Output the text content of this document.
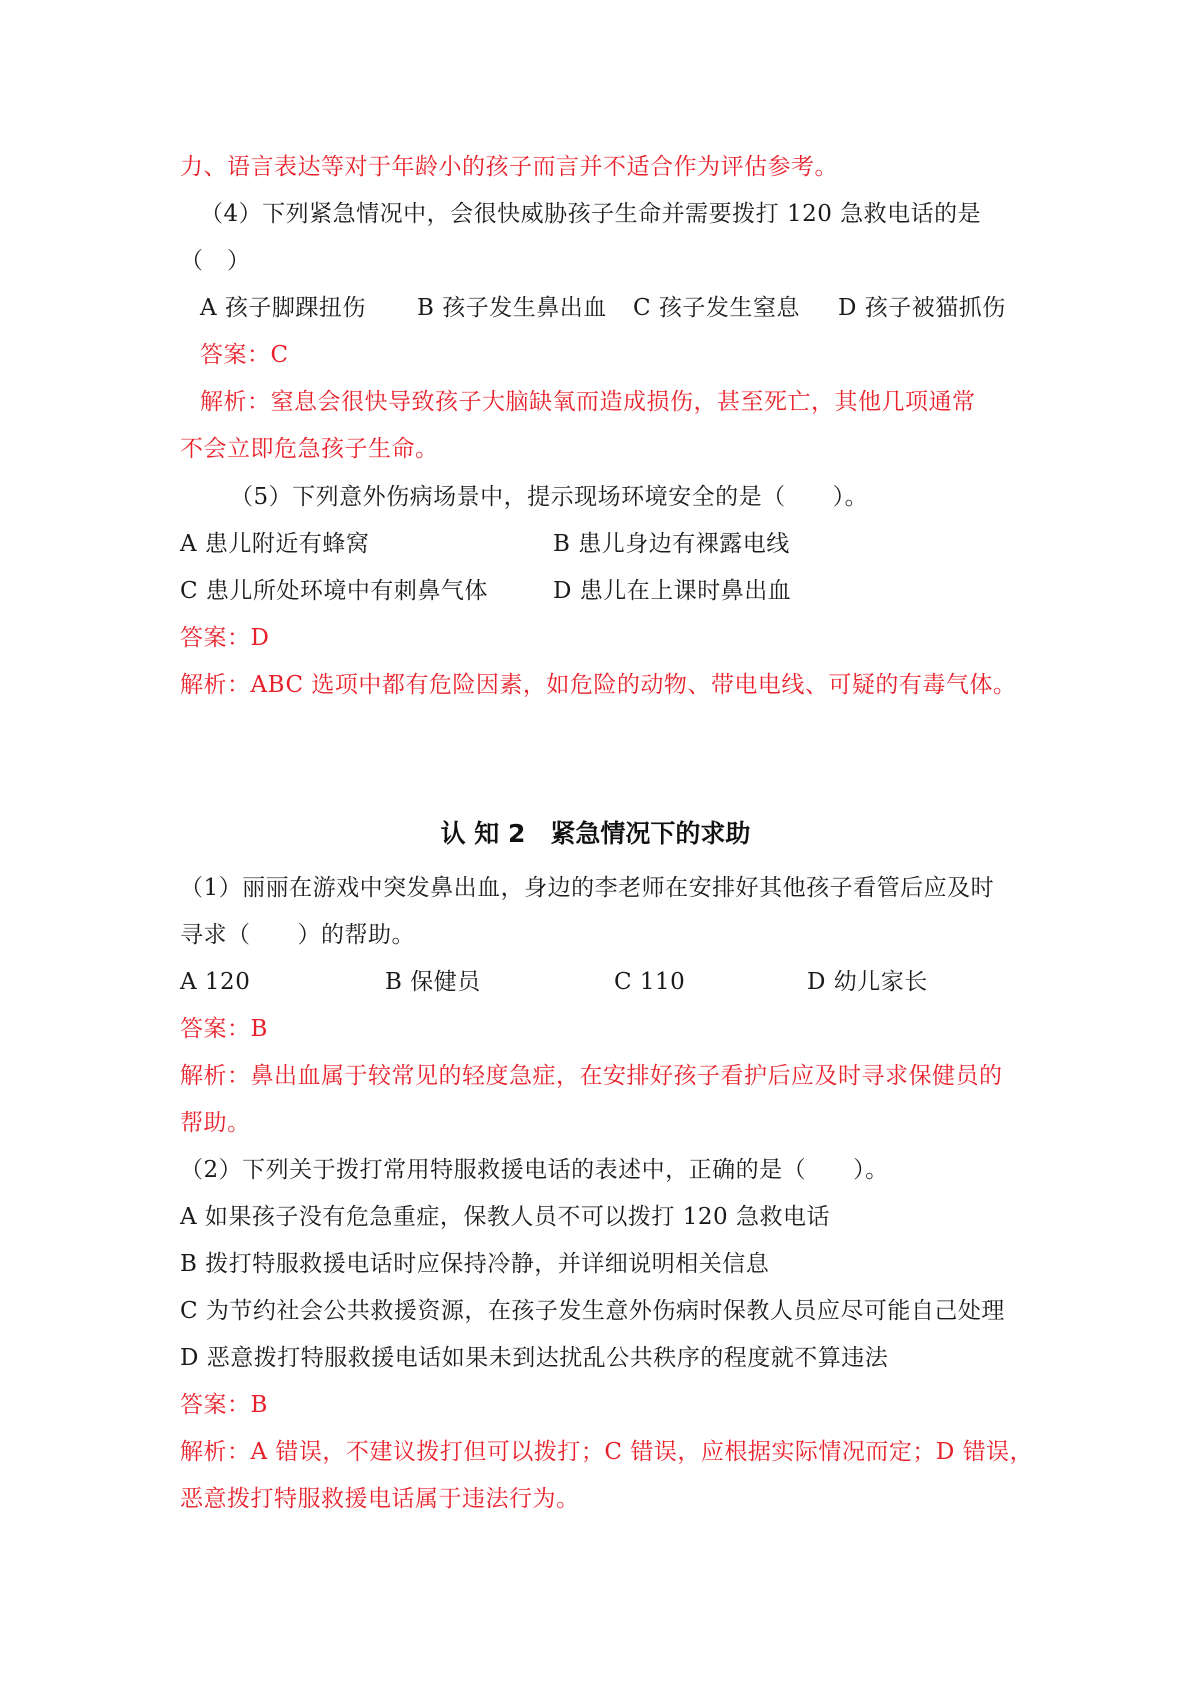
力、语言表达等对于年龄小的孩子而言并不适合作为评估参考。
（4）下列紧急情况中，会很快威胁孩子生命并需要拨打 120 急救电话的是
（　）
A 孩子脚踝扭伤 B 孩子发生鼻出血 C 孩子发生窒息 D 孩子被猫抓伤
答案：C
解析：窒息会很快导致孩子大脑缺氧而造成损伤，甚至死亡，其他几项通常
不会立即危急孩子生命。
（5）下列意外伤病场景中，提示现场环境安全的是（　　）。
A 患儿附近有蜂窝	B 患儿身边有裸露电线
C 患儿所处环境中有刺鼻气体	D 患儿在上课时鼻出血
答案：D
解析：ABC 选项中都有危险因素，如危险的动物、带电电线、可疑的有毒气体。
认 知 2　紧急情况下的求助
（1）丽丽在游戏中突发鼻出血，身边的李老师在安排好其他孩子看管后应及时
寻求（　　）的帮助。
A 120	B 保健员	C 110	D 幼儿家长
答案：B
解析：鼻出血属于较常见的轻度急症，在安排好孩子看护后应及时寻求保健员的
帮助。
（2）下列关于拨打常用特服救援电话的表述中，正确的是（　　）。
A 如果孩子没有危急重症，保教人员不可以拨打 120 急救电话
B 拨打特服救援电话时应保持冷静，并详细说明相关信息
C 为节约社会公共救援资源，在孩子发生意外伤病时保教人员应尽可能自己处理
D 恶意拨打特服救援电话如果未到达扰乱公共秩序的程度就不算违法
答案：B
解析：A 错误，不建议拨打但可以拨打；C 错误，应根据实际情况而定；D 错误，
恶意拨打特服救援电话属于违法行为。
